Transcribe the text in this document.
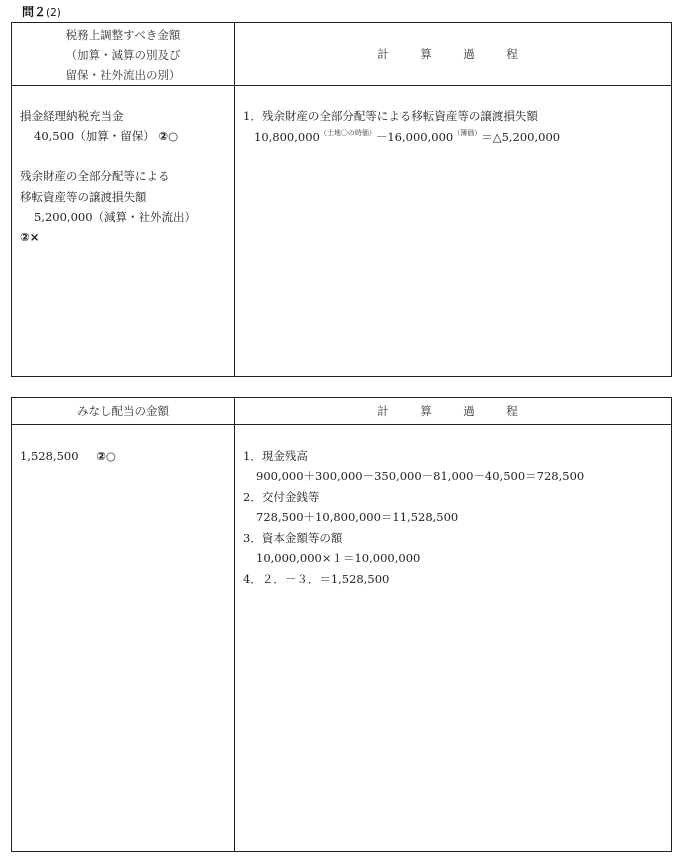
問２(2)
税務上調整すべき金額
（加算・減算の別及び
留保・社外流出の別）
計　算　過　程
損金経理納税充当金
40,500（加算・留保） ②○
残余財産の全部分配等による
移転資産等の譲渡損失額
5,200,000（減算・社外流出）
②×
1．残余財産の全部分配等による移転資産等の譲渡損失額
$10,800,000^{(土地〇の時価)}-16,000,000^{(簿価)}=\triangle 5,200,000$
みなし配当の金額	計　算　過　程
1,528,500 ②○	1．現金残高
900,000＋300,000－350,000－81,000－40,500＝728,500
2．交付金銭等
728,500＋10,800,000＝11,528,500
3．資本金額等の額
10,000,000×１＝10,000,000
4．２．－３．＝1,528,500
